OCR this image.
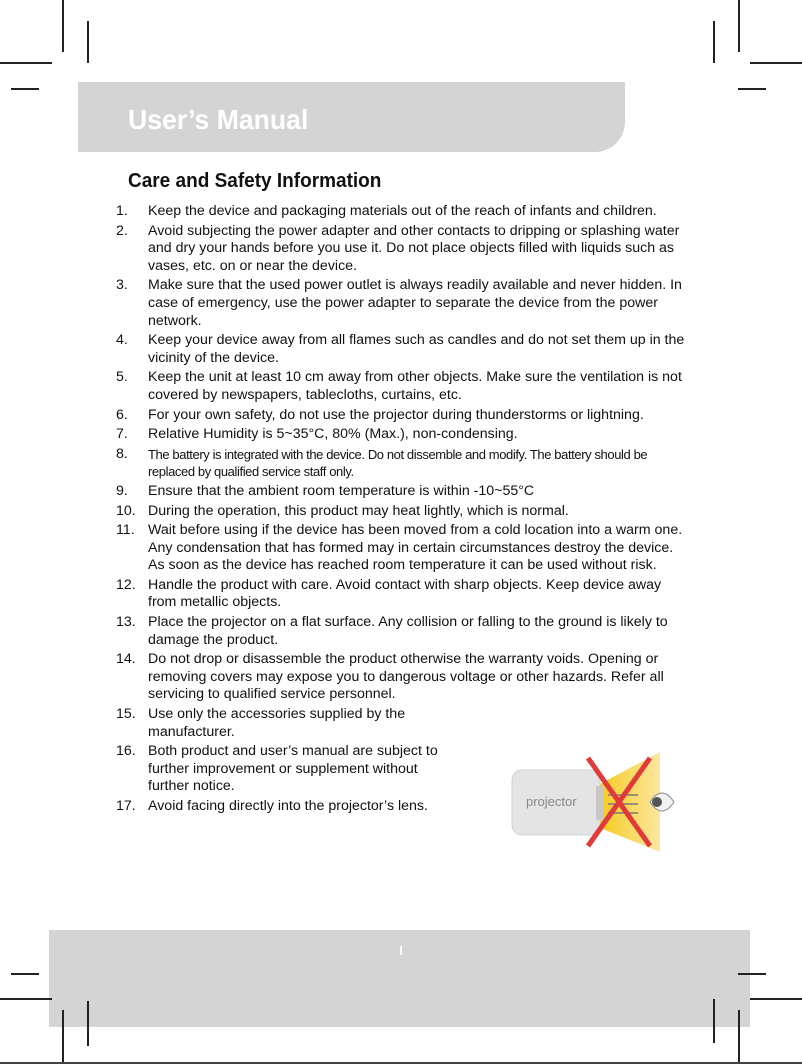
User’s Manual
Care and Safety Information
1.	Keep the device and packaging materials out of the reach of infants and children.
2.	Avoid subjecting the power adapter and other contacts to dripping or splashing water and dry your hands before you use it. Do not place objects filled with liquids such as vases, etc. on or near the device.
3.	Make sure that the used power outlet is always readily available and never hidden. In case of emergency, use the power adapter to separate the device from the power network.
4.	Keep your device away from all flames such as candles and do not set them up in the vicinity of the device.
5.	Keep the unit at least 10 cm away from other objects. Make sure the ventilation is not covered by newspapers, tablecloths, curtains, etc.
6.	For your own safety, do not use the projector during thunderstorms or lightning.
7.	Relative Humidity is 5~35°C, 80% (Max.), non-condensing.
8.	The battery is integrated with the device. Do not dissemble and modify. The battery should be replaced by qualified service staff only.
9.	Ensure that the ambient room temperature is within -10~55°C
10. During the operation, this product may heat lightly, which is normal.
11. Wait before using if the device has been moved from a cold location into a warm one. Any condensation that has formed may in certain circumstances destroy the device. As soon as the device has reached room temperature it can be used without risk.
12. Handle the product with care. Avoid contact with sharp objects. Keep device away from metallic objects.
13. Place the projector on a flat surface. Any collision or falling to the ground is likely to damage the product.
14. Do not drop or disassemble the product otherwise the warranty voids. Opening or removing covers may expose you to dangerous voltage or other hazards. Refer all servicing to qualified service personnel.
15. Use only the accessories supplied by the manufacturer.
16. Both product and user’s manual are subject to further improvement or supplement without further notice.
17. Avoid facing directly into the projector’s lens.	projector
I
